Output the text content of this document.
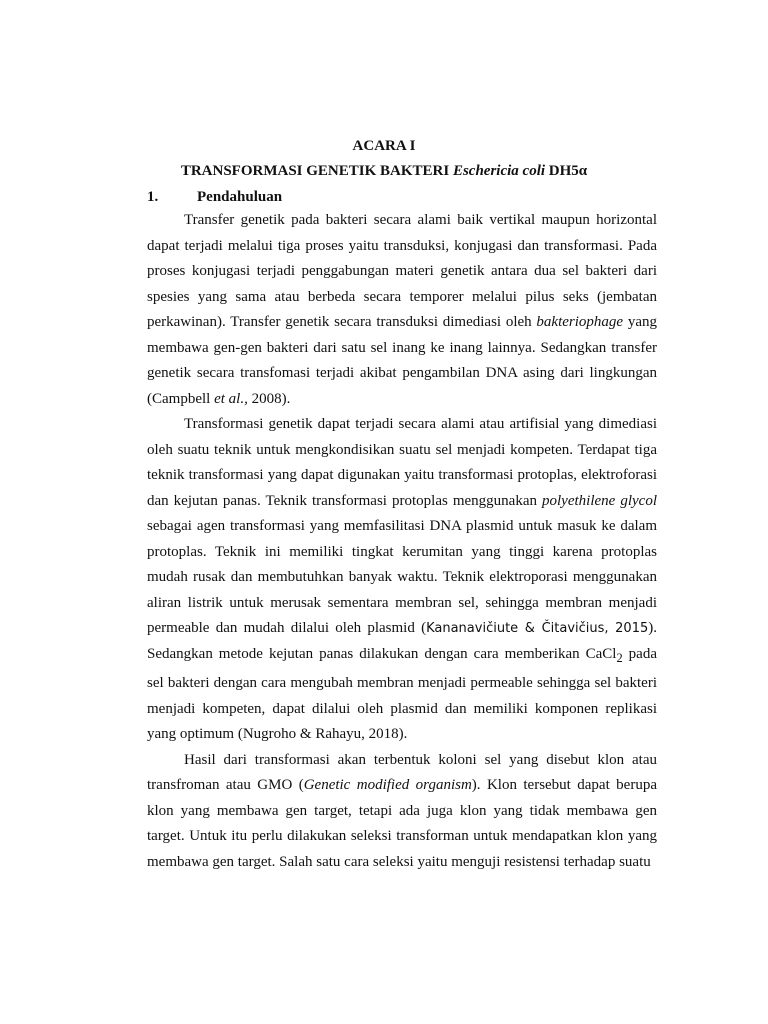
ACARA I
TRANSFORMASI GENETIK BAKTERI Eschericia coli DH5α
1.	Pendahuluan

Transfer genetik pada bakteri secara alami baik vertikal maupun horizontal dapat terjadi melalui tiga proses yaitu transduksi, konjugasi dan transformasi. Pada proses konjugasi terjadi penggabungan materi genetik antara dua sel bakteri dari spesies yang sama atau berbeda secara temporer melalui pilus seks (jembatan perkawinan). Transfer genetik secara transduksi dimediasi oleh bakteriophage yang membawa gen-gen bakteri dari satu sel inang ke inang lainnya. Sedangkan transfer genetik secara transfomasi terjadi akibat pengambilan DNA asing dari lingkungan (Campbell et al., 2008).

Transformasi genetik dapat terjadi secara alami atau artifisial yang dimediasi oleh suatu teknik untuk mengkondisikan suatu sel menjadi kompeten. Terdapat tiga teknik transformasi yang dapat digunakan yaitu transformasi protoplas, elektroforasi dan kejutan panas. Teknik transformasi protoplas menggunakan polyethilene glycol sebagai agen transformasi yang memfasilitasi DNA plasmid untuk masuk ke dalam protoplas. Teknik ini memiliki tingkat kerumitan yang tinggi karena protoplas mudah rusak dan membutuhkan banyak waktu. Teknik elektroporasi menggunakan aliran listrik untuk merusak sementara membran sel, sehingga membran menjadi permeable dan mudah dilalui oleh plasmid (Kananavičiute & Čitavičius, 2015). Sedangkan metode kejutan panas dilakukan dengan cara memberikan CaCl$_2$ pada sel bakteri dengan cara mengubah membran menjadi permeable sehingga sel bakteri menjadi kompeten, dapat dilalui oleh plasmid dan memiliki komponen replikasi yang optimum (Nugroho & Rahayu, 2018).

Hasil dari transformasi akan terbentuk koloni sel yang disebut klon atau transfroman atau GMO (Genetic modified organism). Klon tersebut dapat berupa klon yang membawa gen target, tetapi ada juga klon yang tidak membawa gen target. Untuk itu perlu dilakukan seleksi transforman untuk mendapatkan klon yang membawa gen target. Salah satu cara seleksi yaitu menguji resistensi terhadap suatu
